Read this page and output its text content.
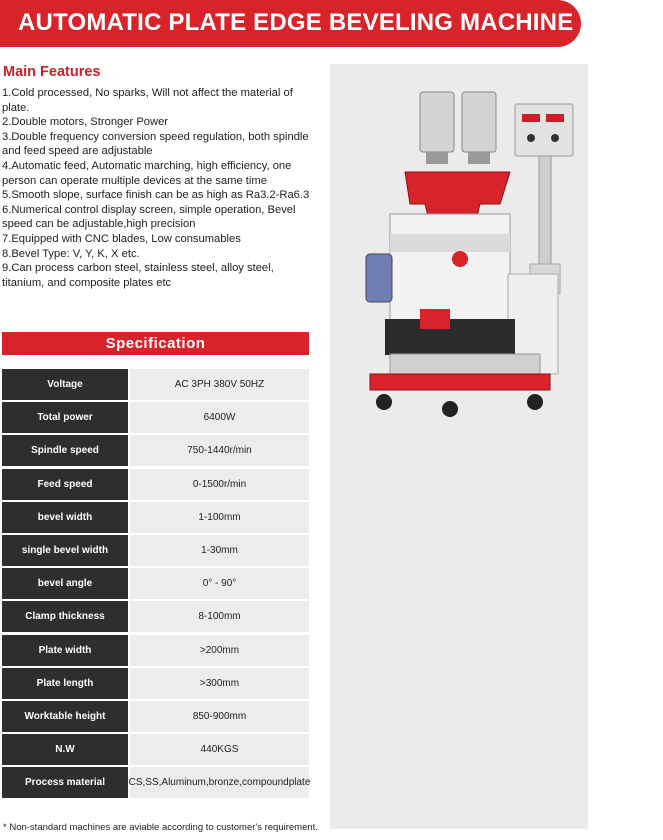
AUTOMATIC PLATE EDGE BEVELING MACHINE PB-100
Main Features
1.Cold processed, No sparks, Will not affect the material of plate.
2.Double motors, Stronger Power
3.Double frequency conversion speed regulation, both spindle and feed speed are adjustable
4.Automatic feed, Automatic marching, high efficiency, one person can operate multiple devices at the same time
5.Smooth slope, surface finish can be as high as Ra3.2-Ra6.3
6.Numerical control display screen, simple operation, Bevel speed can be adjustable,high precision
7.Equipped with CNC blades, Low consumables
8.Bevel Type: V, Y, K, X etc.
9.Can process carbon steel, stainless steel, alloy steel, titanium, and composite plates etc
Specification
Voltage	AC 3PH 380V 50HZ
Total power	6400W
Spindle speed	750-1440r/min
Feed speed	0-1500r/min
bevel width	1-100mm
single bevel width	1-30mm
bevel angle	0° - 90°
Clamp thickness	8-100mm
Plate width	>200mm
Plate length	>300mm
Worktable height	850-900mm
N.W	440KGS
Process material	CS,SS,Aluminum,bronze,compoundplate
* Non-standard machines are aviable according to customer's requirement.
